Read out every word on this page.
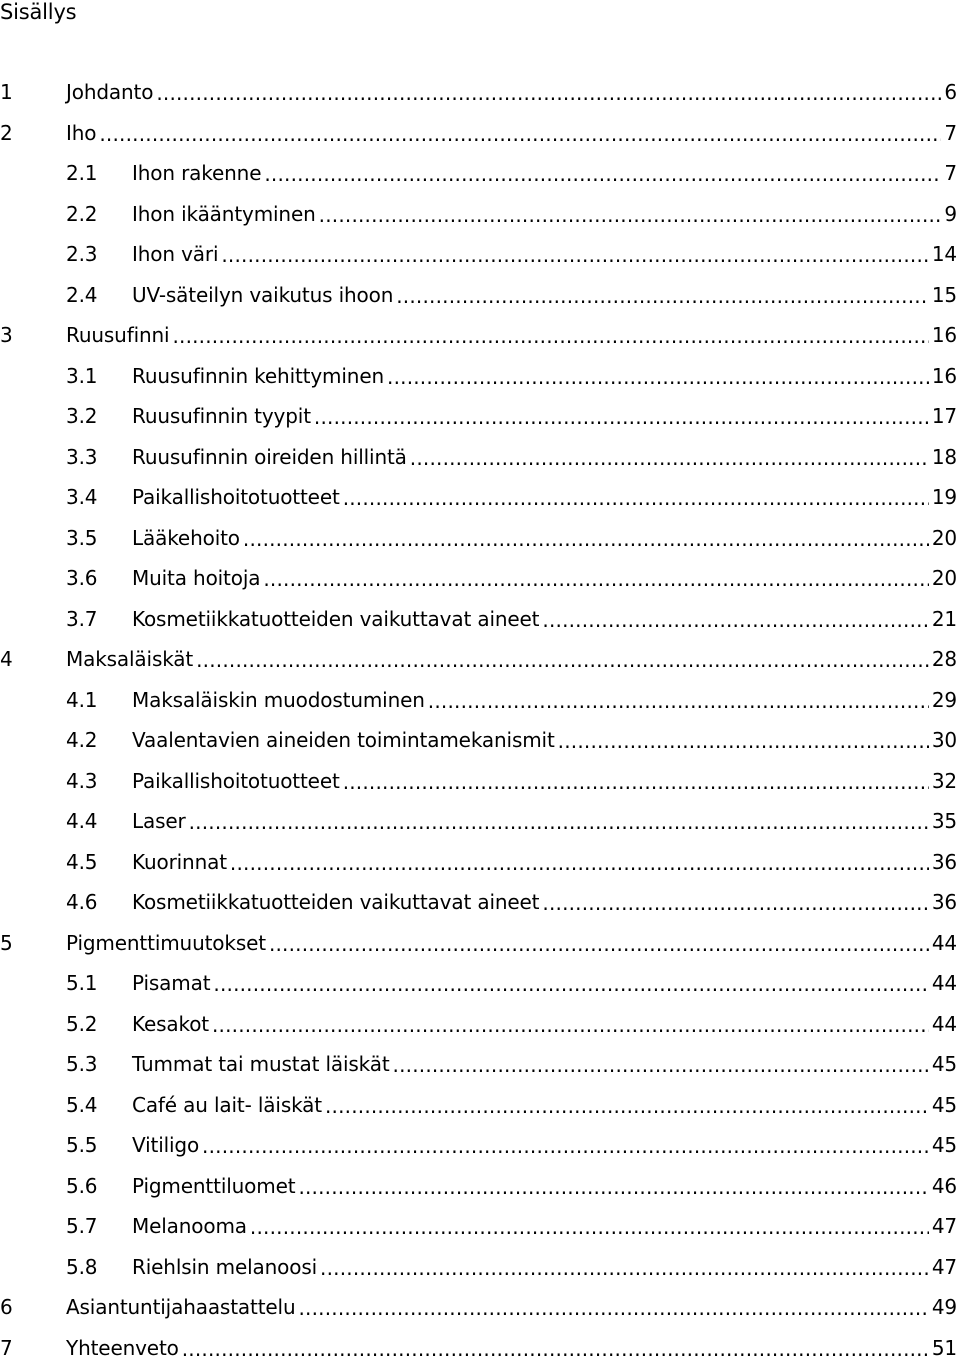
Sisällys
1	Johdanto .....	6
2	Iho .....	7
2.1 Ihon rakenne .....	7
2.2 Ihon ikääntyminen .....	9
2.3 Ihon väri .....	14
2.4 UV-säteilyn vaikutus ihoon .....	15
3	Ruusufinni .....	16
3.1 Ruusufinnin kehittyminen .....	16
3.2 Ruusufinnin tyypit .....	17
3.3 Ruusufinnin oireiden hillintä .....	18
3.4 Paikallishoitotuotteet .....	19
3.5 Lääkehoito .....	20
3.6 Muita hoitoja .....	20
3.7 Kosmetiikkatuotteiden vaikuttavat aineet .....	21
4	Maksaläiskät .....	28
4.1 Maksaläiskin muodostuminen .....	29
4.2 Vaalentavien aineiden toimintamekanismit .....	30
4.3 Paikallishoitotuotteet .....	32
4.4 Laser .....	35
4.5 Kuorinnat .....	36
4.6 Kosmetiikkatuotteiden vaikuttavat aineet .....	36
5	Pigmenttimuutokset .....	44
5.1 Pisamat .....	44
5.2 Kesakot .....	44
5.3 Tummat tai mustat läiskät .....	45
5.4 Café au lait- läiskät .....	45
5.5 Vitiligo .....	45
5.6 Pigmenttiluomet .....	46
5.7 Melanooma .....	47
5.8 Riehlsin melanoosi .....	47
6	Asiantuntijahaastattelu .....	49
7	Yhteenveto .....	51
